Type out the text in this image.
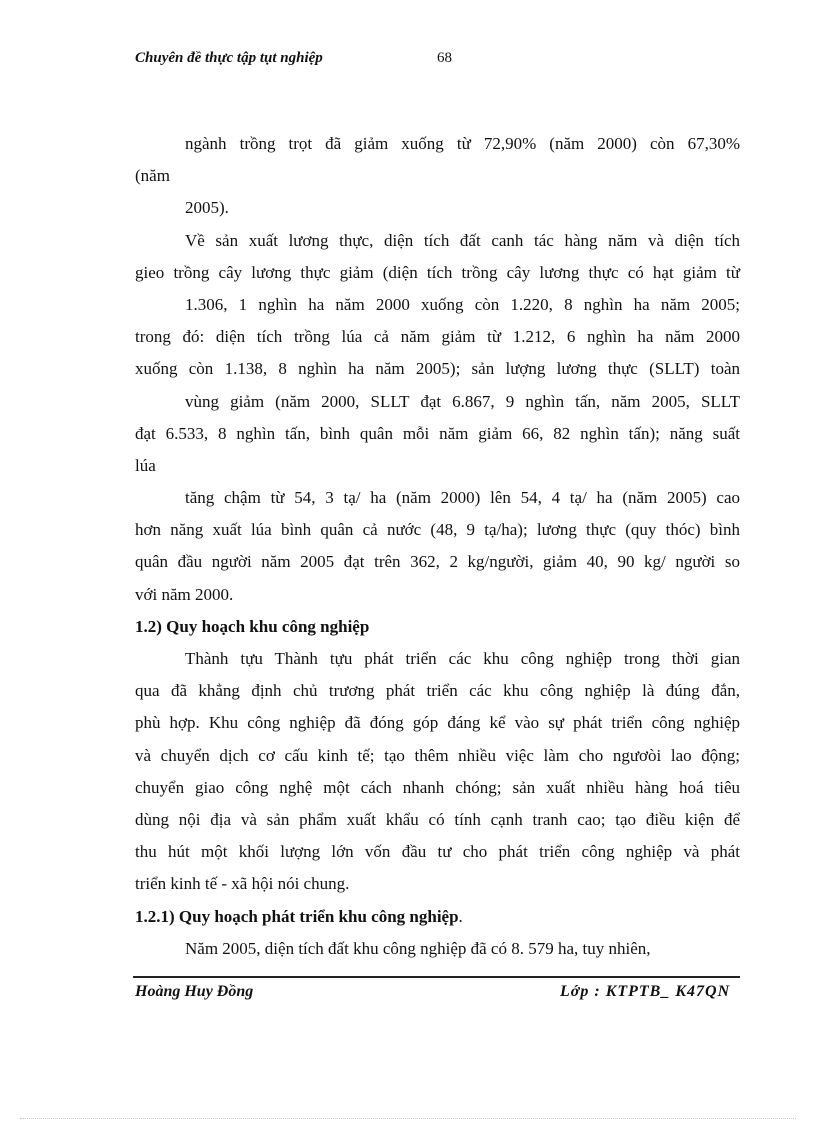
Chuyên đề thực tập tụt nghiệp	68
ngành trồng trọt đã giảm xuống từ 72,90% (năm 2000) còn 67,30%
(năm
2005).
Về sản xuất lương thực, diện tích đất canh tác hàng năm và diện tích
gieo trồng cây lương thực giảm (diện tích trồng cây lương thực có hạt giảm từ
1.306, 1 nghìn ha năm 2000 xuống còn 1.220, 8 nghìn ha năm 2005;
trong đó: diện tích trồng lúa cả năm giảm từ 1.212, 6 nghìn ha năm 2000
xuống còn 1.138, 8 nghìn ha năm 2005); sản lượng lương thực (SLLT) toàn
vùng giảm (năm 2000, SLLT đạt 6.867, 9 nghìn tấn, năm 2005, SLLT
đạt 6.533, 8 nghìn tấn, bình quân mỗi năm giảm 66, 82 nghìn tấn); năng suất
lúa
tăng chậm từ 54, 3 tạ/ ha (năm 2000) lên 54, 4 tạ/ ha (năm 2005) cao
hơn năng xuất lúa bình quân cả nước (48, 9 tạ/ha); lương thực (quy thóc) bình
quân đầu người năm 2005 đạt trên 362, 2 kg/người, giảm 40, 90 kg/ người so
với năm 2000.
1.2) Quy hoạch khu công nghiệp
Thành tựu Thành tựu phát triển các khu công nghiệp trong thời gian
qua đã khẳng định chủ trương phát triển các khu công nghiệp là đúng đắn,
phù hợp. Khu công nghiệp đã đóng góp đáng kể vào sự phát triển công nghiệp
và chuyển dịch cơ cấu kinh tế; tạo thêm nhiều việc làm cho ngươòi lao động;
chuyển giao công nghệ một cách nhanh chóng; sản xuất nhiều hàng hoá tiêu
dùng nội địa và sản phẩm xuất khẩu có tính cạnh tranh cao; tạo điều kiện để
thu hút một khối lượng lớn vốn đầu tư cho phát triển công nghiệp và phát
triển kinh tế - xã hội nói chung.
1.2.1) Quy hoạch phát triển khu công nghiệp.
Năm 2005, diện tích đất khu công nghiệp đã có 8. 579 ha, tuy nhiên,
Hoàng Huy Đồng	Lớp : KTPTB_ K47QN
